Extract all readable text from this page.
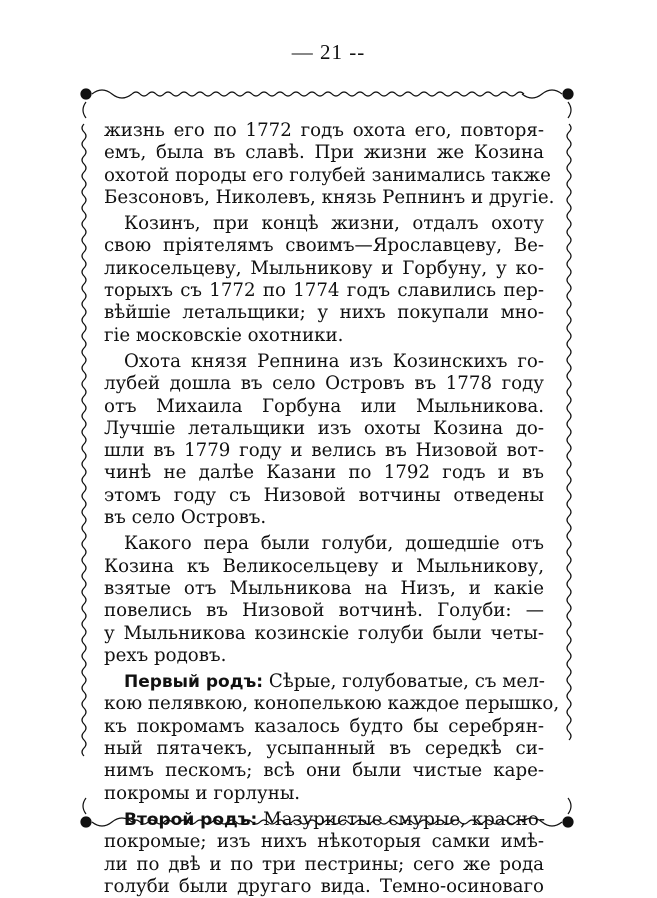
— 21 --
жизнь его по 1772 годъ охота его, повторя-
емъ, была въ славѣ. При жизни же Козина
охотой породы его голубей занимались также
Безсоновъ, Николевъ, князь Репнинъ и другіе.
Козинъ, при концѣ жизни, отдалъ охоту
свою пріятелямъ своимъ—Ярославцеву, Ве-
ликосельцеву, Мыльникову и Горбуну, у ко-
торыхъ съ 1772 по 1774 годъ славились пер-
вѣйшіе летальщики; у нихъ покупали мно-
гіе московскіе охотники.
Охота князя Репнина изъ Козинскихъ го-
лубей дошла въ село Островъ въ 1778 году
отъ Михаила Горбуна или Мыльникова.
Лучшіе летальщики изъ охоты Козина до-
шли въ 1779 году и велись въ Низовой вот-
чинѣ не далѣе Казани по 1792 годъ и въ
этомъ году съ Низовой вотчины отведены
въ село Островъ.
Какого пера были голуби, дошедшіе отъ
Козина къ Великосельцеву и Мыльникову,
взятые отъ Мыльникова на Низъ, и какіе
повелись въ Низовой вотчинѣ. Голуби: —
у Мыльникова козинскіе голуби были четы-
рехъ родовъ.
Первый родъ: Сѣрые, голубоватые, съ мел-
кою пелявкою, конопелькою каждое перышко,
къ покромамъ казалось будто бы серебрян-
ный пятачекъ, усыпанный въ середкѣ си-
нимъ пескомъ; всѣ они были чистые каре-
покромы и горлуны.
Второй родъ: Мазуристые смурые, красно-
покромые; изъ нихъ нѣкоторыя самки имѣ-
ли по двѣ и по три пестрины; сего же рода
голуби были другаго вида. Темно-осиноваго
